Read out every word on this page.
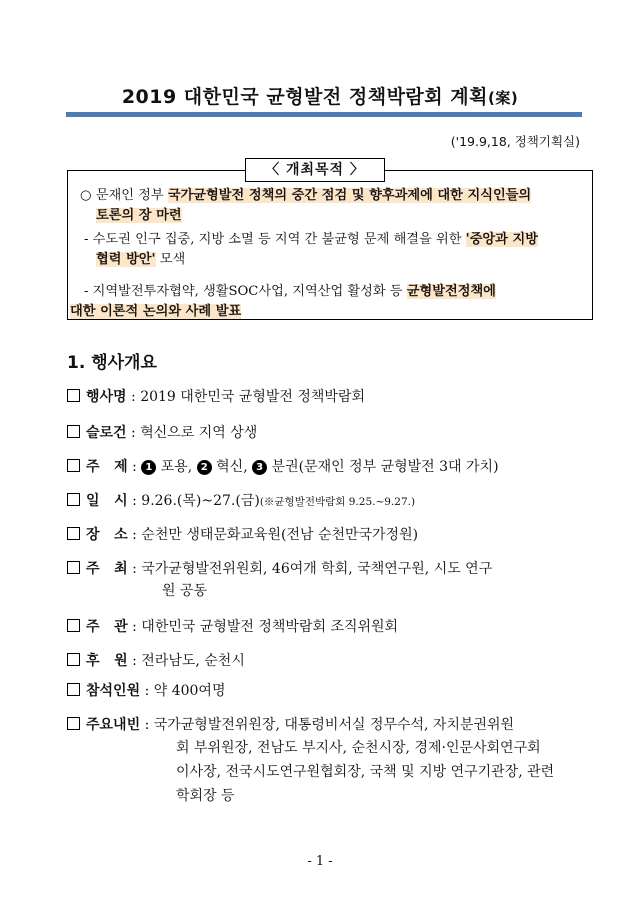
2019 대한민국 균형발전 정책박람회 계획(案)
('19.9,18, 정책기획실)
〈 개최목적 〉
○ 문재인 정부 국가균형발전 정책의 중간 점검 및 향후과제에 대한 지식인들의
토론의 장 마련
- 수도권 인구 집중, 지방 소멸 등 지역 간 불균형 문제 해결을 위한 '중앙과 지방
협력 방안' 모색
- 지역발전투자협약, 생활SOC사업, 지역산업 활성화 등 균형발전정책에
대한 이론적 논의와 사례 발표
1. 행사개요
행사명 : 2019 대한민국 균형발전 정책박람회
슬로건 : 혁신으로 지역 상생
주   제 : 1 포용, 2 혁신, 3 분권(문재인 정부 균형발전 3대 가치)
일   시 : 9.26.(목)~27.(금)(※균형발전박람회 9.25.~9.27.)
장   소 : 순천만 생태문화교육원(전남 순천만국가정원)
주   최 : 국가균형발전위원회, 46여개 학회, 국책연구원, 시도 연구
원 공동
주   관 : 대한민국 균형발전 정책박람회 조직위원회
후   원 : 전라남도, 순천시
참석인원 : 약 400여명
주요내빈 : 국가균형발전위원장, 대통령비서실 정무수석, 자치분권위원
회 부위원장, 전남도 부지사, 순천시장, 경제·인문사회연구회
이사장, 전국시도연구원협회장, 국책 및 지방 연구기관장, 관련
학회장 등
- 1 -
